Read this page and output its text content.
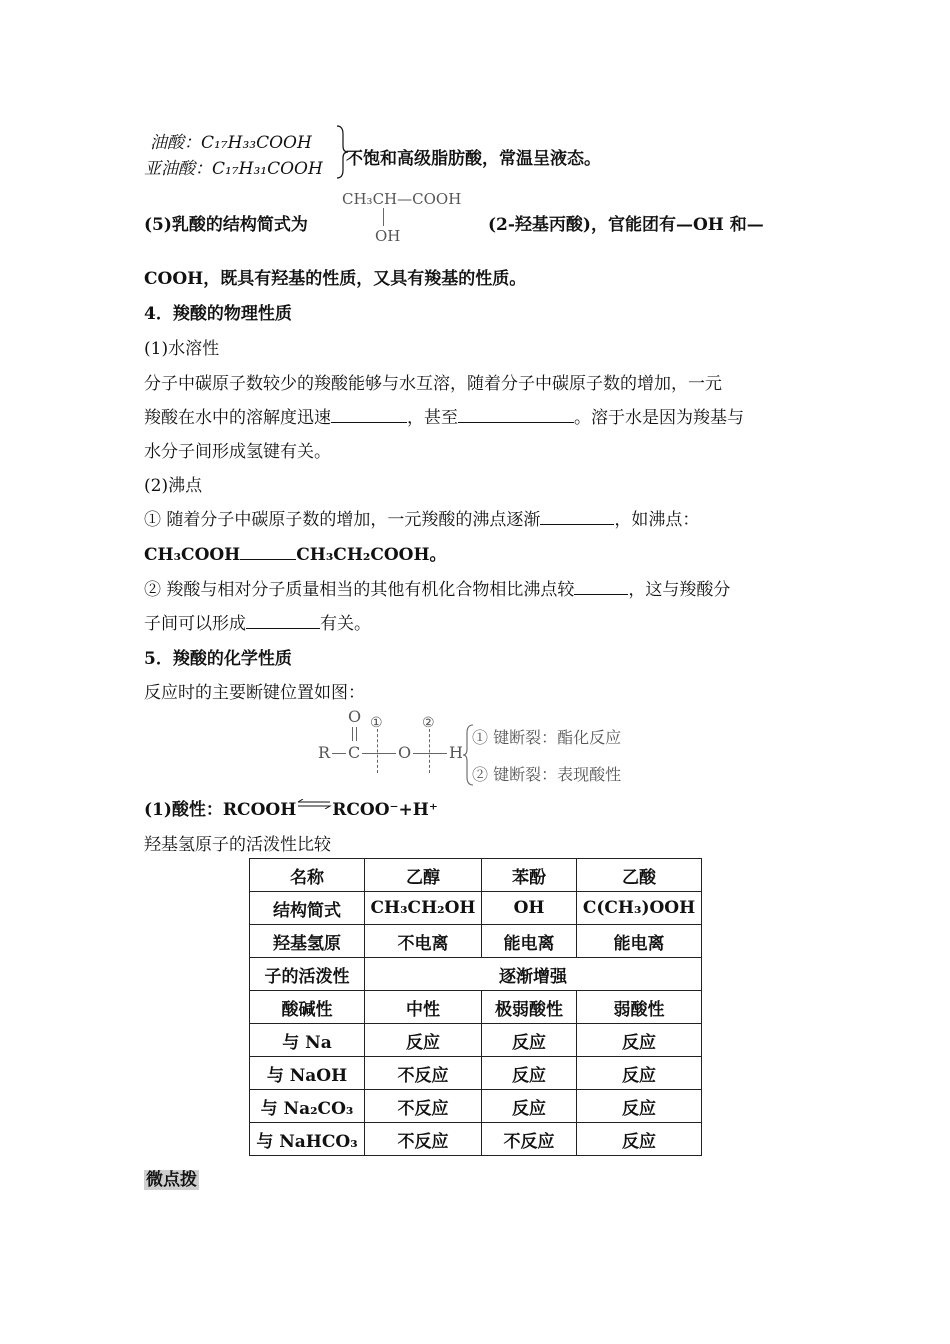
油酸：C₁₇H₃₃COOH
亚油酸：C₁₇H₃₁COOH 不饱和高级脂肪酸，常温呈液态。
(5)乳酸的结构简式为
CH₃CH—COOH
OH
(2-羟基丙酸)，官能团有—OH 和—
COOH，既具有羟基的性质，又具有羧基的性质。
4．羧酸的物理性质
(1)水溶性
分子中碳原子数较少的羧酸能够与水互溶，随着分子中碳原子数的增加，一元
羧酸在水中的溶解度迅速	，甚至	。溶于水是因为羧基与
水分子间形成氢键有关。
(2)沸点
① 随着分子中碳原子数的增加，一元羧酸的沸点逐渐	，如沸点：
CH₃COOH	CH₃CH₂COOH。
② 羧酸与相对分子质量相当的其他有机化合物相比沸点较	，这与羧酸分
子间可以形成	有关。
5．羧酸的化学性质
反应时的主要断键位置如图：
O
R C
①
O
②
H
① 键断裂：酯化反应
② 键断裂：表现酸性
(1)酸性：RCOOH⇌RCOO⁻+H⁺
羟基氢原子的活泼性比较
名称	乙醇	苯酚	乙酸
结构简式	CH₃CH₂OH	OH	C(CH₃)OOH
羟基氢原	不电离	能电离	能电离
子的活泼性	逐渐增强		
酸碱性	中性	极弱酸性	弱酸性
与 Na	反应	反应	反应
与 NaOH	不反应	反应	反应
与 Na₂CO₃	不反应	反应	反应
与 NaHCO₃	不反应	不反应	反应
微点拨
